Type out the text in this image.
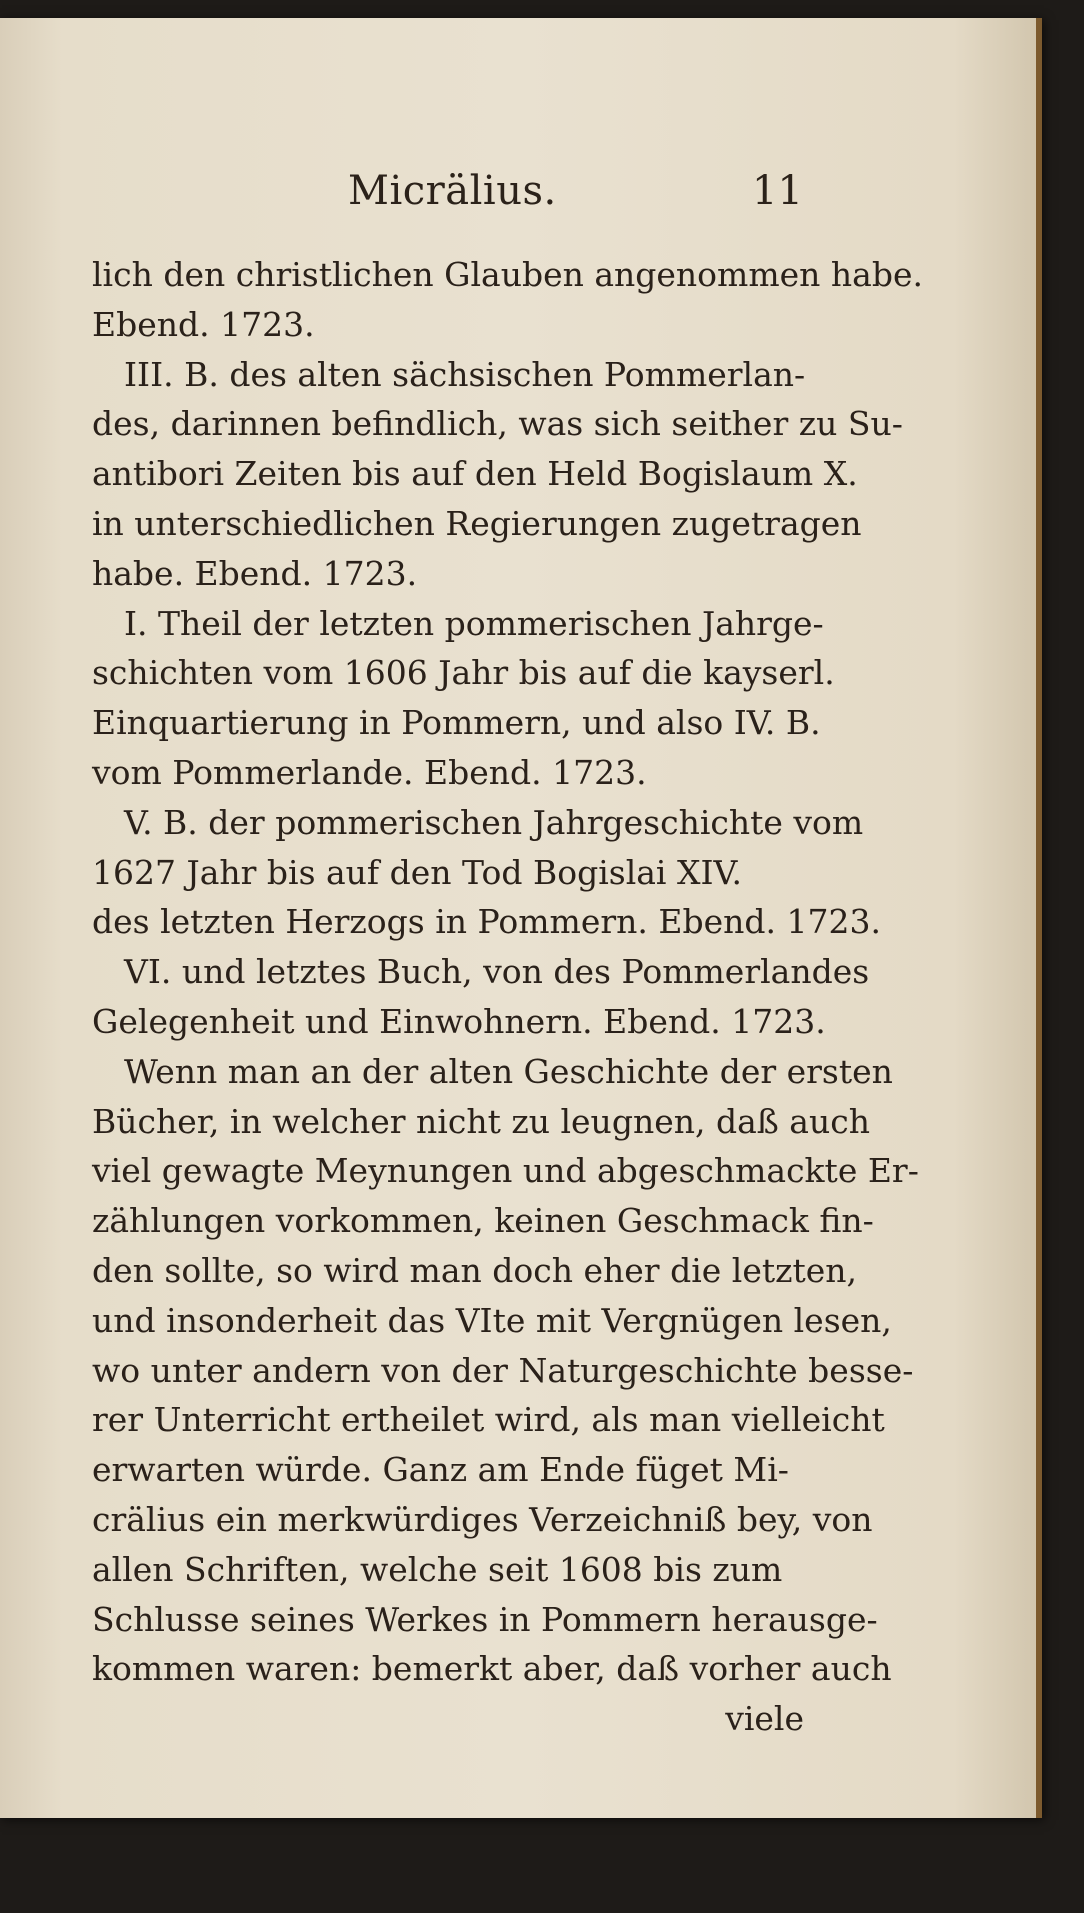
Micrälius.	11
lich den christlichen Glauben angenommen habe.
Ebend. 1723.
III. B. des alten sächsischen Pommerlan-
des, darinnen befindlich, was sich seither zu Su-
antibori Zeiten bis auf den Held Bogislaum X.
in unterschiedlichen Regierungen zugetragen
habe. Ebend. 1723.
I. Theil der letzten pommerischen Jahrge-
schichten vom 1606 Jahr bis auf die kayserl.
Einquartierung in Pommern, und also IV. B.
vom Pommerlande. Ebend. 1723.
V. B. der pommerischen Jahrgeschichte vom
1627 Jahr bis auf den Tod Bogislai XIV.
des letzten Herzogs in Pommern. Ebend. 1723.
VI. und letztes Buch, von des Pommerlandes
Gelegenheit und Einwohnern. Ebend. 1723.
Wenn man an der alten Geschichte der ersten
Bücher, in welcher nicht zu leugnen, daß auch
viel gewagte Meynungen und abgeschmackte Er-
zählungen vorkommen, keinen Geschmack fin-
den sollte, so wird man doch eher die letzten,
und insonderheit das VIte mit Vergnügen lesen,
wo unter andern von der Naturgeschichte besse-
rer Unterricht ertheilet wird, als man vielleicht
erwarten würde. Ganz am Ende füget Mi-
crälius ein merkwürdiges Verzeichniß bey, von
allen Schriften, welche seit 1608 bis zum
Schlusse seines Werkes in Pommern herausge-
kommen waren: bemerkt aber, daß vorher auch
viele
